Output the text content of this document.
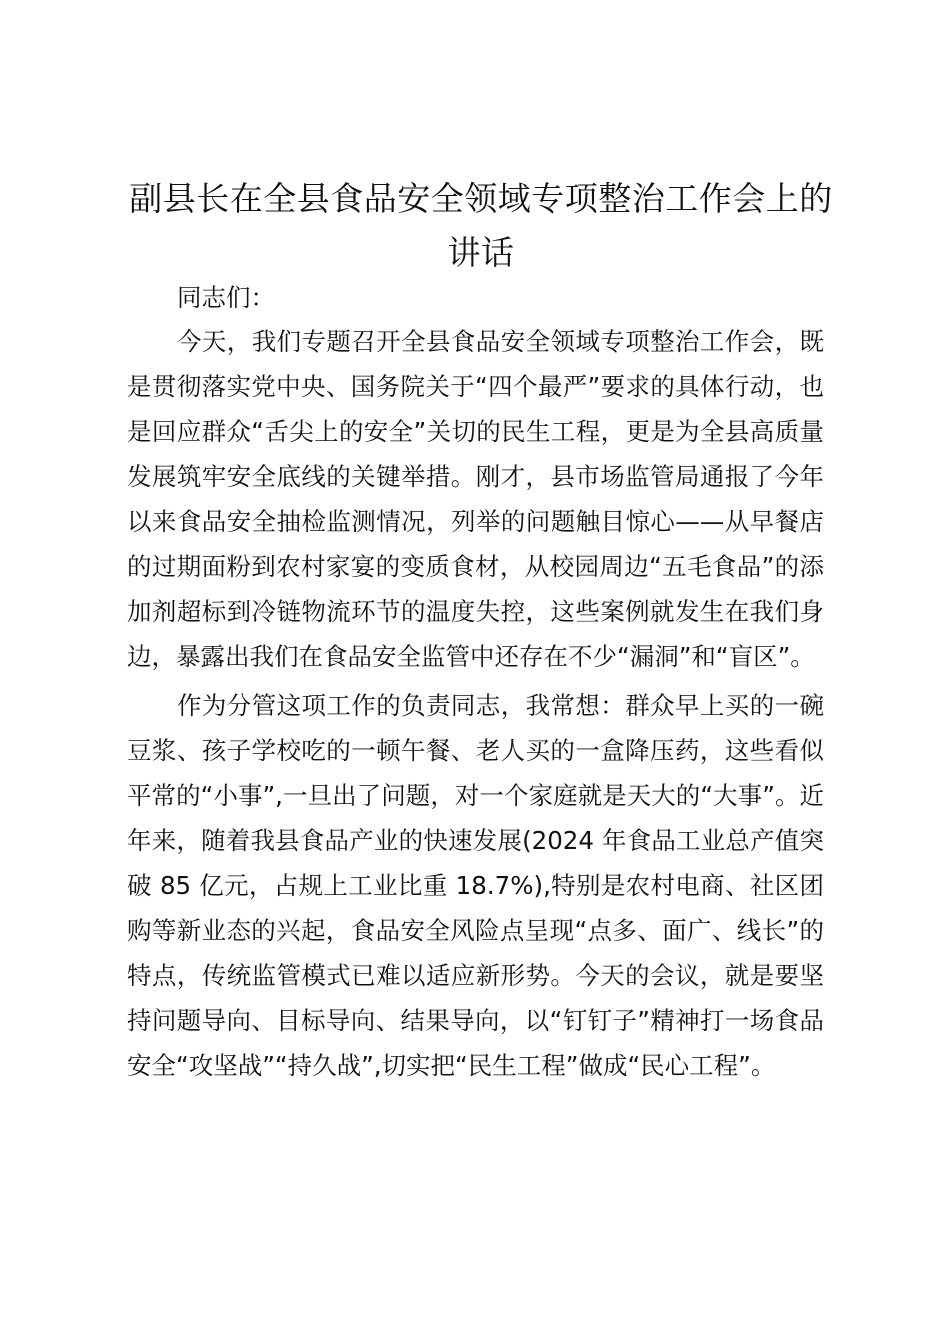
副县长在全县食品安全领域专项整治工作会上的讲话

同志们：

今天，我们专题召开全县食品安全领域专项整治工作会，既是贯彻落实党中央、国务院关于“四个最严”要求的具体行动，也是回应群众“舌尖上的安全”关切的民生工程，更是为全县高质量发展筑牢安全底线的关键举措。刚才，县市场监管局通报了今年以来食品安全抽检监测情况，列举的问题触目惊心——从早餐店的过期面粉到农村家宴的变质食材，从校园周边“五毛食品”的添加剂超标到冷链物流环节的温度失控，这些案例就发生在我们身边，暴露出我们在食品安全监管中还存在不少“漏洞”和“盲区”。

作为分管这项工作的负责同志，我常想：群众早上买的一碗豆浆、孩子学校吃的一顿午餐、老人买的一盒降压药，这些看似平常的“小事”,一旦出了问题，对一个家庭就是天大的“大事”。近年来，随着我县食品产业的快速发展(2024 年食品工业总产值突破 85 亿元，占规上工业比重 18.7%),特别是农村电商、社区团购等新业态的兴起，食品安全风险点呈现“点多、面广、线长”的特点，传统监管模式已难以适应新形势。今天的会议，就是要坚持问题导向、目标导向、结果导向，以“钉钉子”精神打一场食品安全“攻坚战”“持久战”,切实把“民生工程”做成“民心工程”。
